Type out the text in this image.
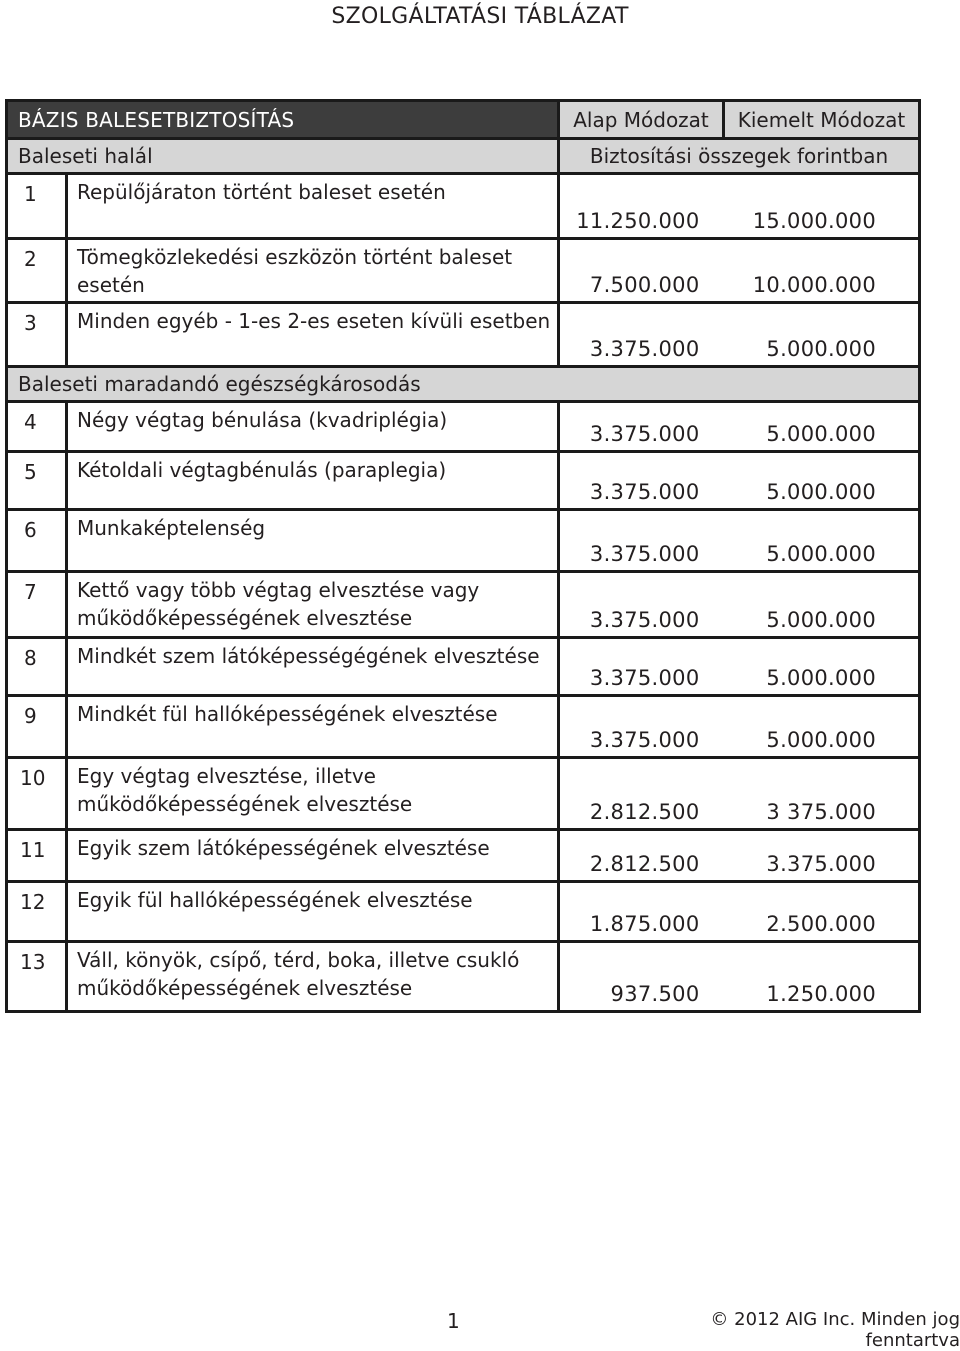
SZOLGÁLTATÁSI TÁBLÁZAT
BÁZIS BALESETBIZTOSÍTÁS		Alap Módozat	Kiemelt Módozat
Baleseti halál		Biztosítási összegek forintban	
1	Repülőjáraton történt baleset esetén	11.250.000	15.000.000
2	Tömegközlekedési eszközön történt baleset esetén	7.500.000	10.000.000
3	Minden egyéb - 1-es 2-es eseten kívüli esetben	3.375.000	5.000.000
Baleseti maradandó egészségkárosodás			
4	Négy végtag bénulása (kvadriplégia)	3.375.000	5.000.000
5	Kétoldali végtagbénulás (paraplegia)	3.375.000	5.000.000
6	Munkaképtelenség	3.375.000	5.000.000
7	Kettő vagy több végtag elvesztése vagy működőképességének elvesztése	3.375.000	5.000.000
8	Mindkét szem látóképességégének elvesztése	3.375.000	5.000.000
9	Mindkét fül hallóképességének elvesztése	3.375.000	5.000.000
10	Egy végtag elvesztése, illetve működőképességének elvesztése	2.812.500	3 375.000
11	Egyik szem látóképességének elvesztése	2.812.500	3.375.000
12	Egyik fül hallóképességének elvesztése	1.875.000	2.500.000
13	Váll, könyök, csípő, térd, boka, illetve csukló működőképességének elvesztése	937.500	1.250.000
1	© 2012 AIG Inc. Minden jog fenntartva
